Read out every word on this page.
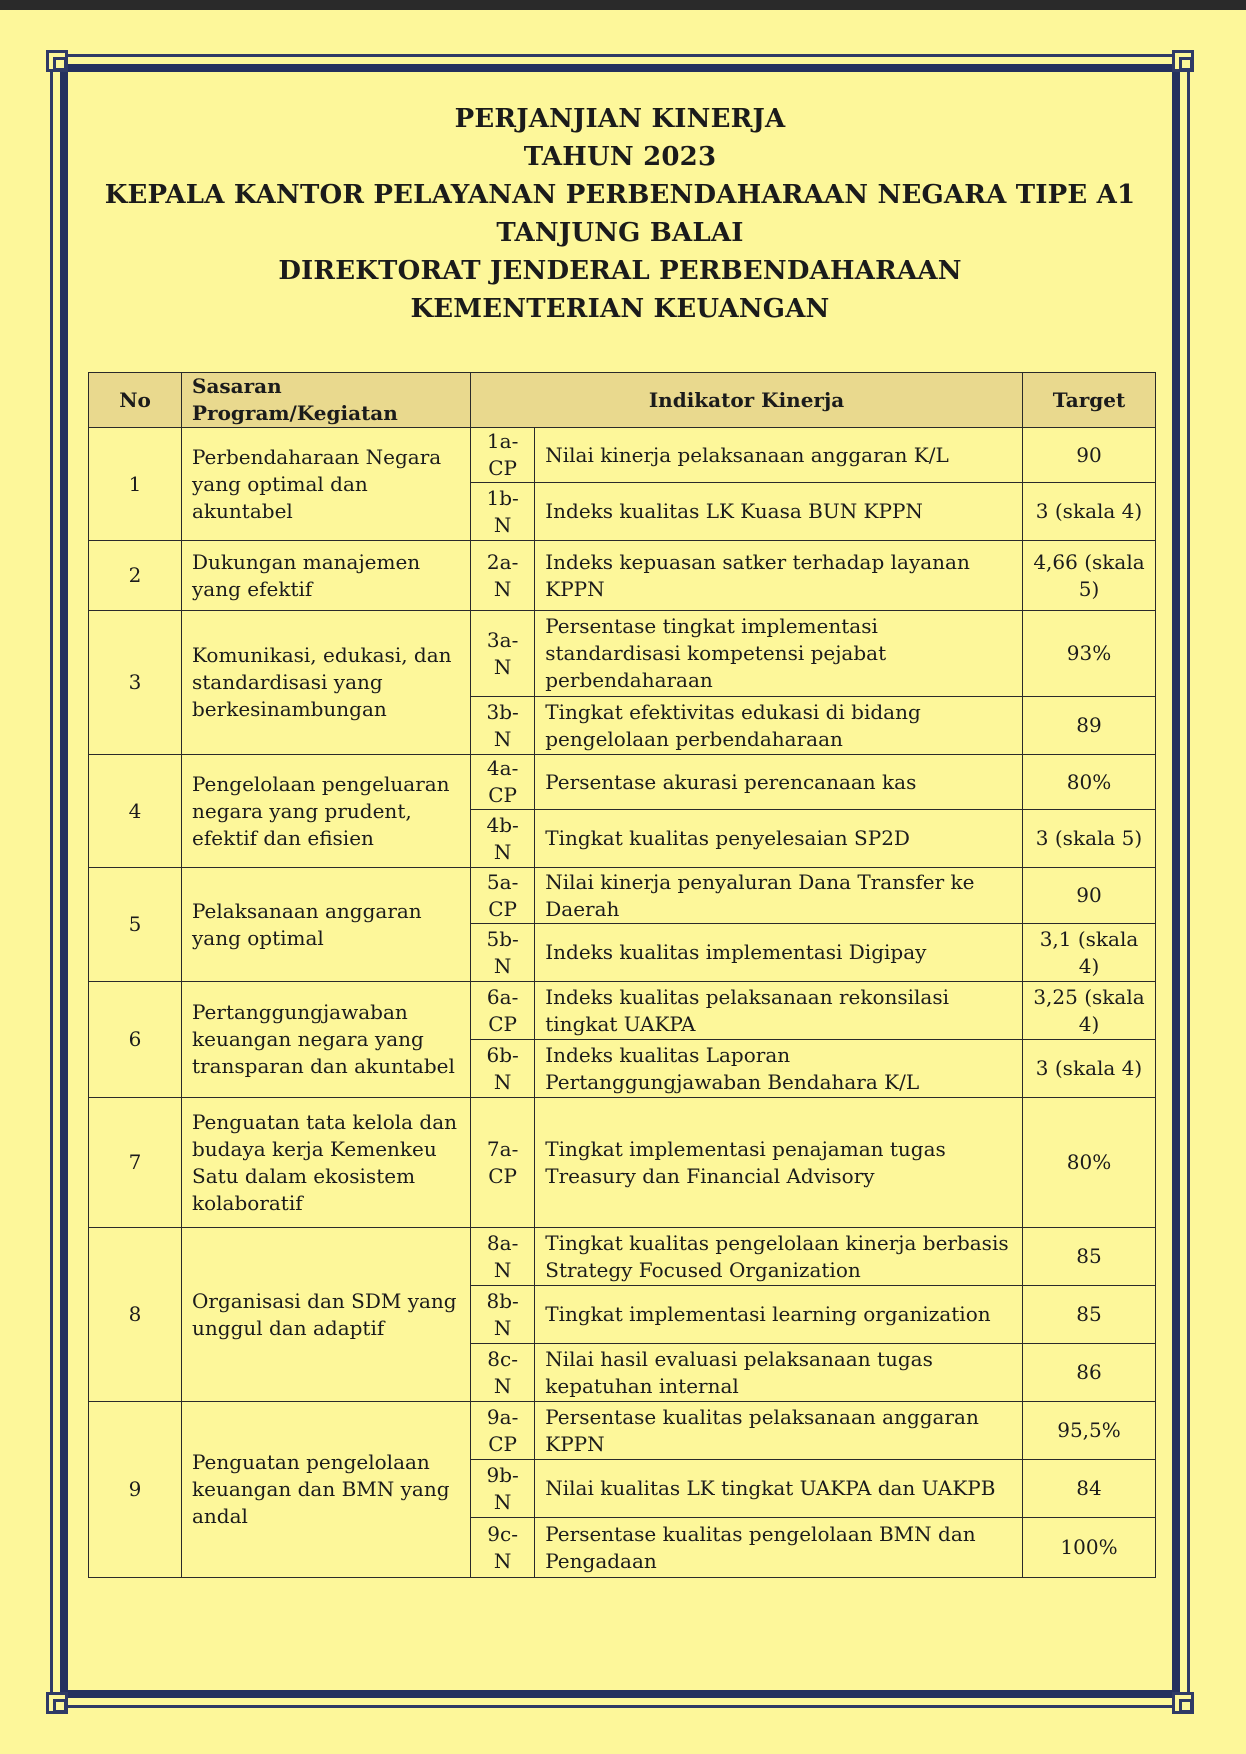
PERJANJIAN KINERJA
TAHUN 2023
KEPALA KANTOR PELAYANAN PERBENDAHARAAN NEGARA TIPE A1
TANJUNG BALAI
DIREKTORAT JENDERAL PERBENDAHARAAN
KEMENTERIAN KEUANGAN
No	Sasaran Program/Kegiatan	Indikator Kinerja		Target
1	Perbendaharaan Negara yang optimal dan akuntabel	1a-CP	Nilai kinerja pelaksanaan anggaran K/L	90
		1b-N	Indeks kualitas LK Kuasa BUN KPPN	3 (skala 4)
2	Dukungan manajemen yang efektif	2a-N	Indeks kepuasan satker terhadap layanan KPPN	4,66 (skala 5)
3	Komunikasi, edukasi, dan standardisasi yang berkesinambungan	3a-N	Persentase tingkat implementasi standardisasi kompetensi pejabat perbendaharaan	93%
		3b-N	Tingkat efektivitas edukasi di bidang pengelolaan perbendaharaan	89
4	Pengelolaan pengeluaran negara yang prudent, efektif dan efisien	4a-CP	Persentase akurasi perencanaan kas	80%
		4b-N	Tingkat kualitas penyelesaian SP2D	3 (skala 5)
5	Pelaksanaan anggaran yang optimal	5a-CP	Nilai kinerja penyaluran Dana Transfer ke Daerah	90
		5b-N	Indeks kualitas implementasi Digipay	3,1 (skala 4)
6	Pertanggungjawaban keuangan negara yang transparan dan akuntabel	6a-CP	Indeks kualitas pelaksanaan rekonsilasi tingkat UAKPA	3,25 (skala 4)
		6b-N	Indeks kualitas Laporan Pertanggungjawaban Bendahara K/L	3 (skala 4)
7	Penguatan tata kelola dan budaya kerja Kemenkeu Satu dalam ekosistem kolaboratif	7a-CP	Tingkat implementasi penajaman tugas Treasury dan Financial Advisory	80%
8	Organisasi dan SDM yang unggul dan adaptif	8a-N	Tingkat kualitas pengelolaan kinerja berbasis Strategy Focused Organization	85
		8b-N	Tingkat implementasi learning organization	85
		8c-N	Nilai hasil evaluasi pelaksanaan tugas kepatuhan internal	86
9	Penguatan pengelolaan keuangan dan BMN yang andal	9a-CP	Persentase kualitas pelaksanaan anggaran KPPN	95,5%
		9b-N	Nilai kualitas LK tingkat UAKPA dan UAKPB	84
		9c-N	Persentase kualitas pengelolaan BMN dan Pengadaan	100%
